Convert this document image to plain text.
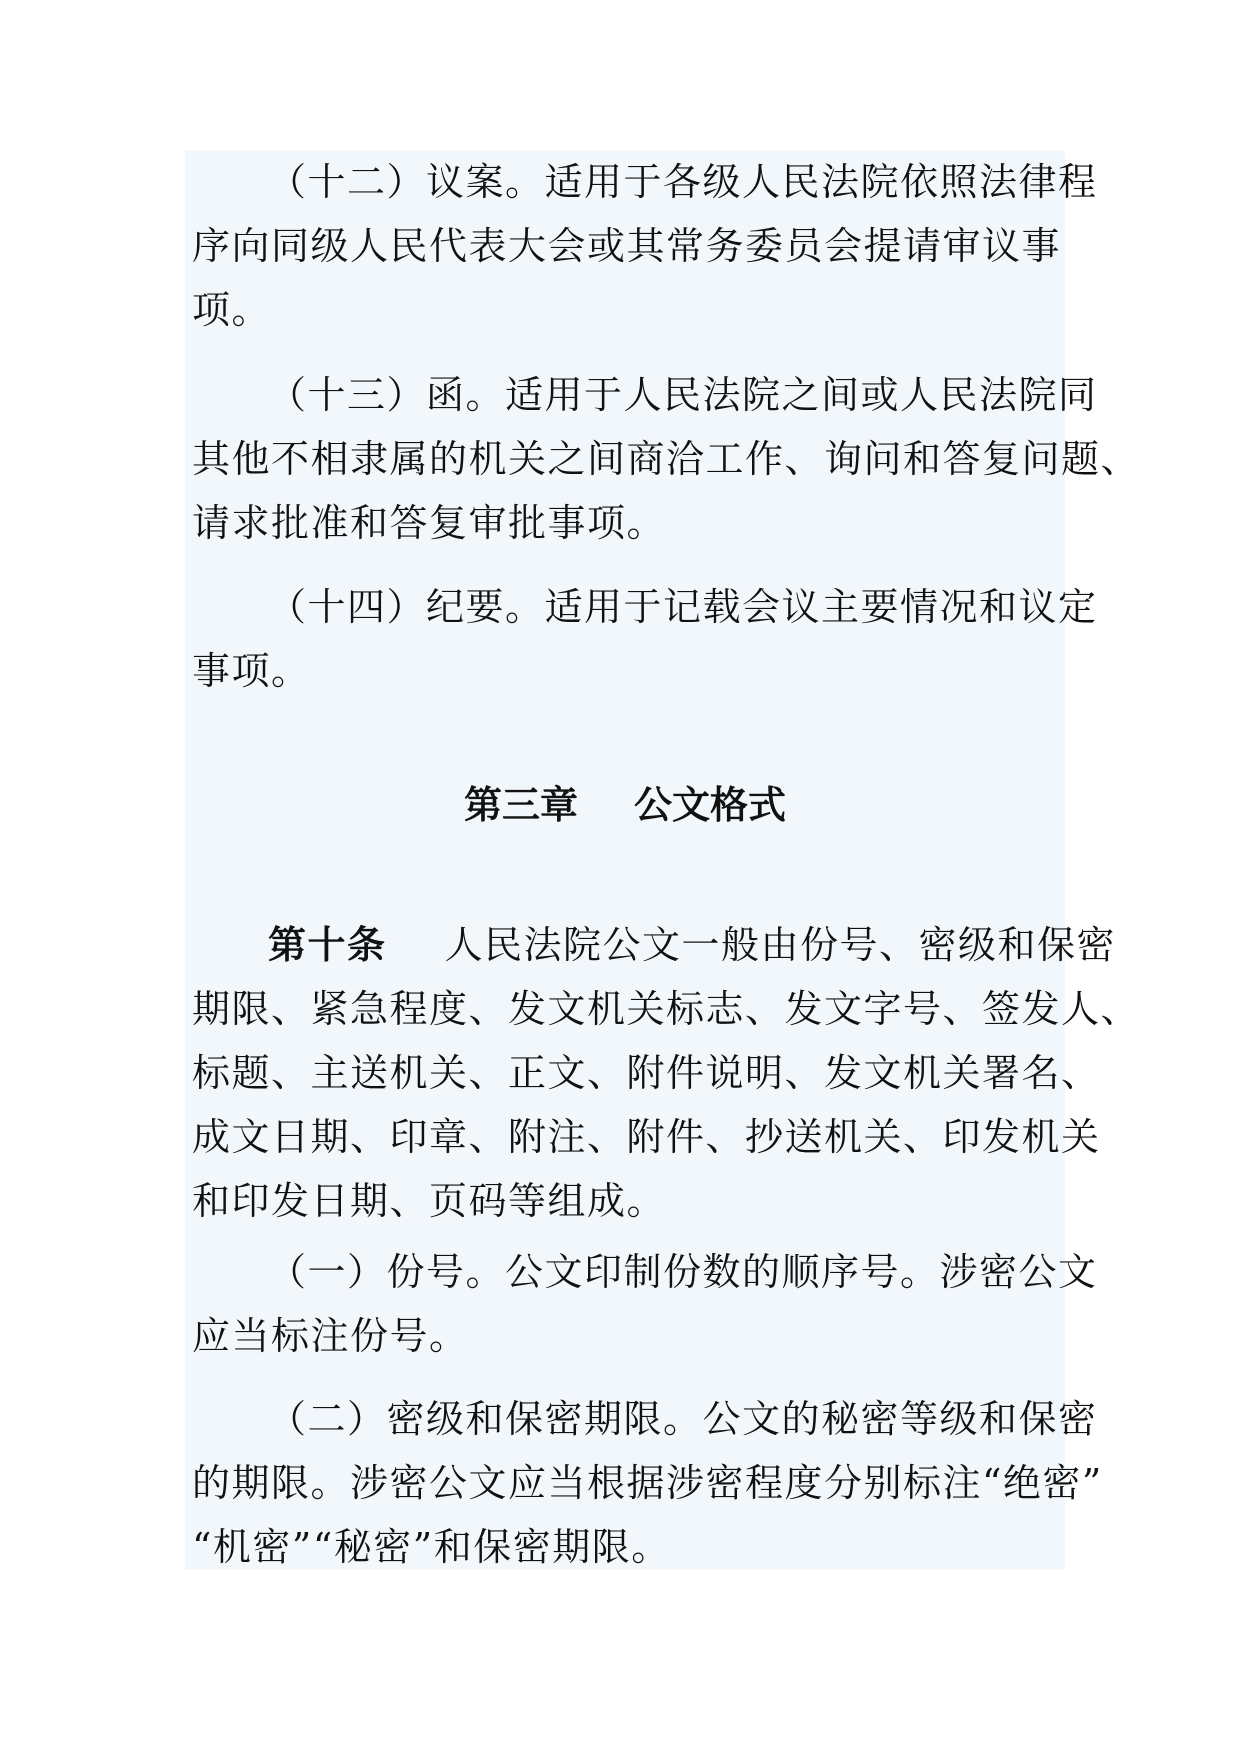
（十二）议案。适用于各级人民法院依照法律程
序向同级人民代表大会或其常务委员会提请审议事
项。

（十三）函。适用于人民法院之间或人民法院同
其他不相隶属的机关之间商洽工作、询问和答复问题、
请求批准和答复审批事项。

（十四）纪要。适用于记载会议主要情况和议定
事项。

第三章 公文格式

第十条 人民法院公文一般由份号、密级和保密
期限、紧急程度、发文机关标志、发文字号、签发人、
标题、主送机关、正文、附件说明、发文机关署名、
成文日期、印章、附注、附件、抄送机关、印发机关
和印发日期、页码等组成。

（一）份号。公文印制份数的顺序号。涉密公文
应当标注份号。

（二）密级和保密期限。公文的秘密等级和保密
的期限。涉密公文应当根据涉密程度分别标注“绝密”
“机密”“秘密”和保密期限。
